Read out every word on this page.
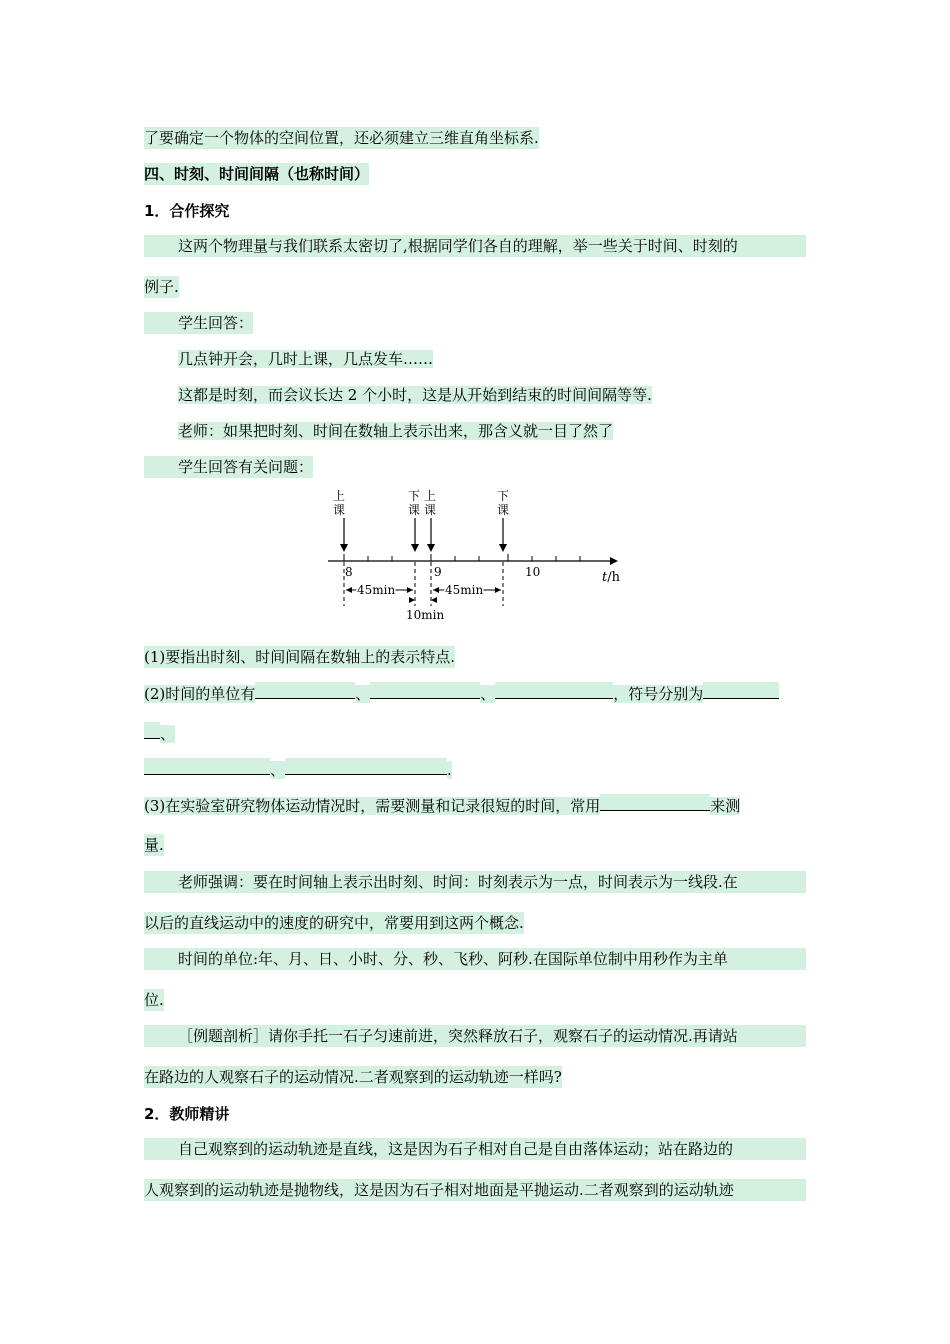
了要确定一个物体的空间位置，还必须建立三维直角坐标系.
四、时刻、时间间隔（也称时间）
1．合作探究
这两个物理量与我们联系太密切了,根据同学们各自的理解，举一些关于时间、时刻的
例子.
学生回答：
几点钟开会，几时上课，几点发车……
这都是时刻，而会议长达 2 个小时，这是从开始到结束的时间间隔等等.
老师：如果把时刻、时间在数轴上表示出来，那含义就一目了然了
学生回答有关问题：
上
课
下
课
上
课
下
课
8	9	10	t/h
45min	45min
10min
(1)要指出时刻、时间间隔在数轴上的表示特点.
(2)时间的单位有	、	、	，符号分别为
、
、	.
(3)在实验室研究物体运动情况时，需要测量和记录很短的时间，常用	来测
量.
老师强调：要在时间轴上表示出时刻、时间：时刻表示为一点，时间表示为一线段.在
以后的直线运动中的速度的研究中，常要用到这两个概念.
时间的单位:年、月、日、小时、分、秒、飞秒、阿秒.在国际单位制中用秒作为主单
位.
［例题剖析］请你手托一石子匀速前进，突然释放石子，观察石子的运动情况.再请站
在路边的人观察石子的运动情况.二者观察到的运动轨迹一样吗?
2．教师精讲
自己观察到的运动轨迹是直线，这是因为石子相对自己是自由落体运动；站在路边的
人观察到的运动轨迹是抛物线，这是因为石子相对地面是平抛运动.二者观察到的运动轨迹
